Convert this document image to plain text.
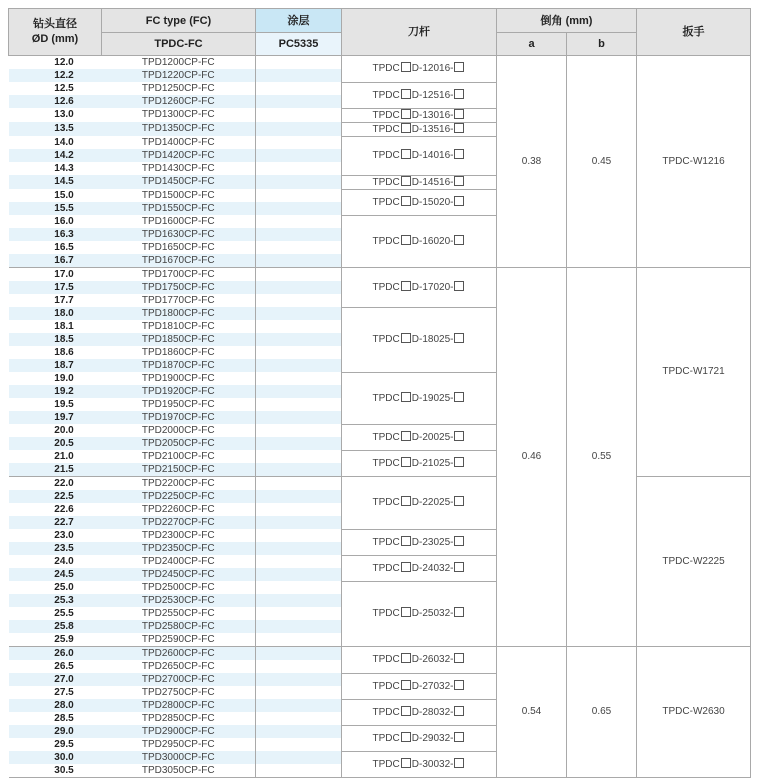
钻头直径
ØD (mm)	FC type (FC)	涂层	刀杆	倒角 (mm)		扳手
	TPDC-FC	PC5335		a	b	
12.0	TPD1200CP-FC		TPDC D-12016-	0.38	0.45	TPDC-W1216
12.2	TPD1220CP-FC					
12.5	TPD1250CP-FC		TPDC D-12516-			
12.6	TPD1260CP-FC					
13.0	TPD1300CP-FC		TPDC D-13016-			
13.5	TPD1350CP-FC		TPDC D-13516-			
14.0	TPD1400CP-FC		TPDC D-14016-			
14.2	TPD1420CP-FC					
14.3	TPD1430CP-FC					
14.5	TPD1450CP-FC		TPDC D-14516-			
15.0	TPD1500CP-FC		TPDC D-15020-			
15.5	TPD1550CP-FC					
16.0	TPD1600CP-FC		TPDC D-16020-			
16.3	TPD1630CP-FC					
16.5	TPD1650CP-FC					
16.7	TPD1670CP-FC					
17.0	TPD1700CP-FC		TPDC D-17020-	0.46	0.55	TPDC-W1721
17.5	TPD1750CP-FC					
17.7	TPD1770CP-FC					
18.0	TPD1800CP-FC		TPDC D-18025-			
18.1	TPD1810CP-FC					
18.5	TPD1850CP-FC					
18.6	TPD1860CP-FC					
18.7	TPD1870CP-FC					
19.0	TPD1900CP-FC		TPDC D-19025-			
19.2	TPD1920CP-FC					
19.5	TPD1950CP-FC					
19.7	TPD1970CP-FC					
20.0	TPD2000CP-FC		TPDC D-20025-			
20.5	TPD2050CP-FC					
21.0	TPD2100CP-FC		TPDC D-21025-			
21.5	TPD2150CP-FC					
22.0	TPD2200CP-FC		TPDC D-22025-			TPDC-W2225
22.5	TPD2250CP-FC					
22.6	TPD2260CP-FC					
22.7	TPD2270CP-FC					
23.0	TPD2300CP-FC		TPDC D-23025-			
23.5	TPD2350CP-FC					
24.0	TPD2400CP-FC		TPDC D-24032-			
24.5	TPD2450CP-FC					
25.0	TPD2500CP-FC		TPDC D-25032-			
25.3	TPD2530CP-FC					
25.5	TPD2550CP-FC					
25.8	TPD2580CP-FC					
25.9	TPD2590CP-FC					
26.0	TPD2600CP-FC		TPDC D-26032-	0.54	0.65	TPDC-W2630
26.5	TPD2650CP-FC					
27.0	TPD2700CP-FC		TPDC D-27032-			
27.5	TPD2750CP-FC					
28.0	TPD2800CP-FC		TPDC D-28032-			
28.5	TPD2850CP-FC					
29.0	TPD2900CP-FC		TPDC D-29032-			
29.5	TPD2950CP-FC					
30.0	TPD3000CP-FC		TPDC D-30032-			
30.5	TPD3050CP-FC					
